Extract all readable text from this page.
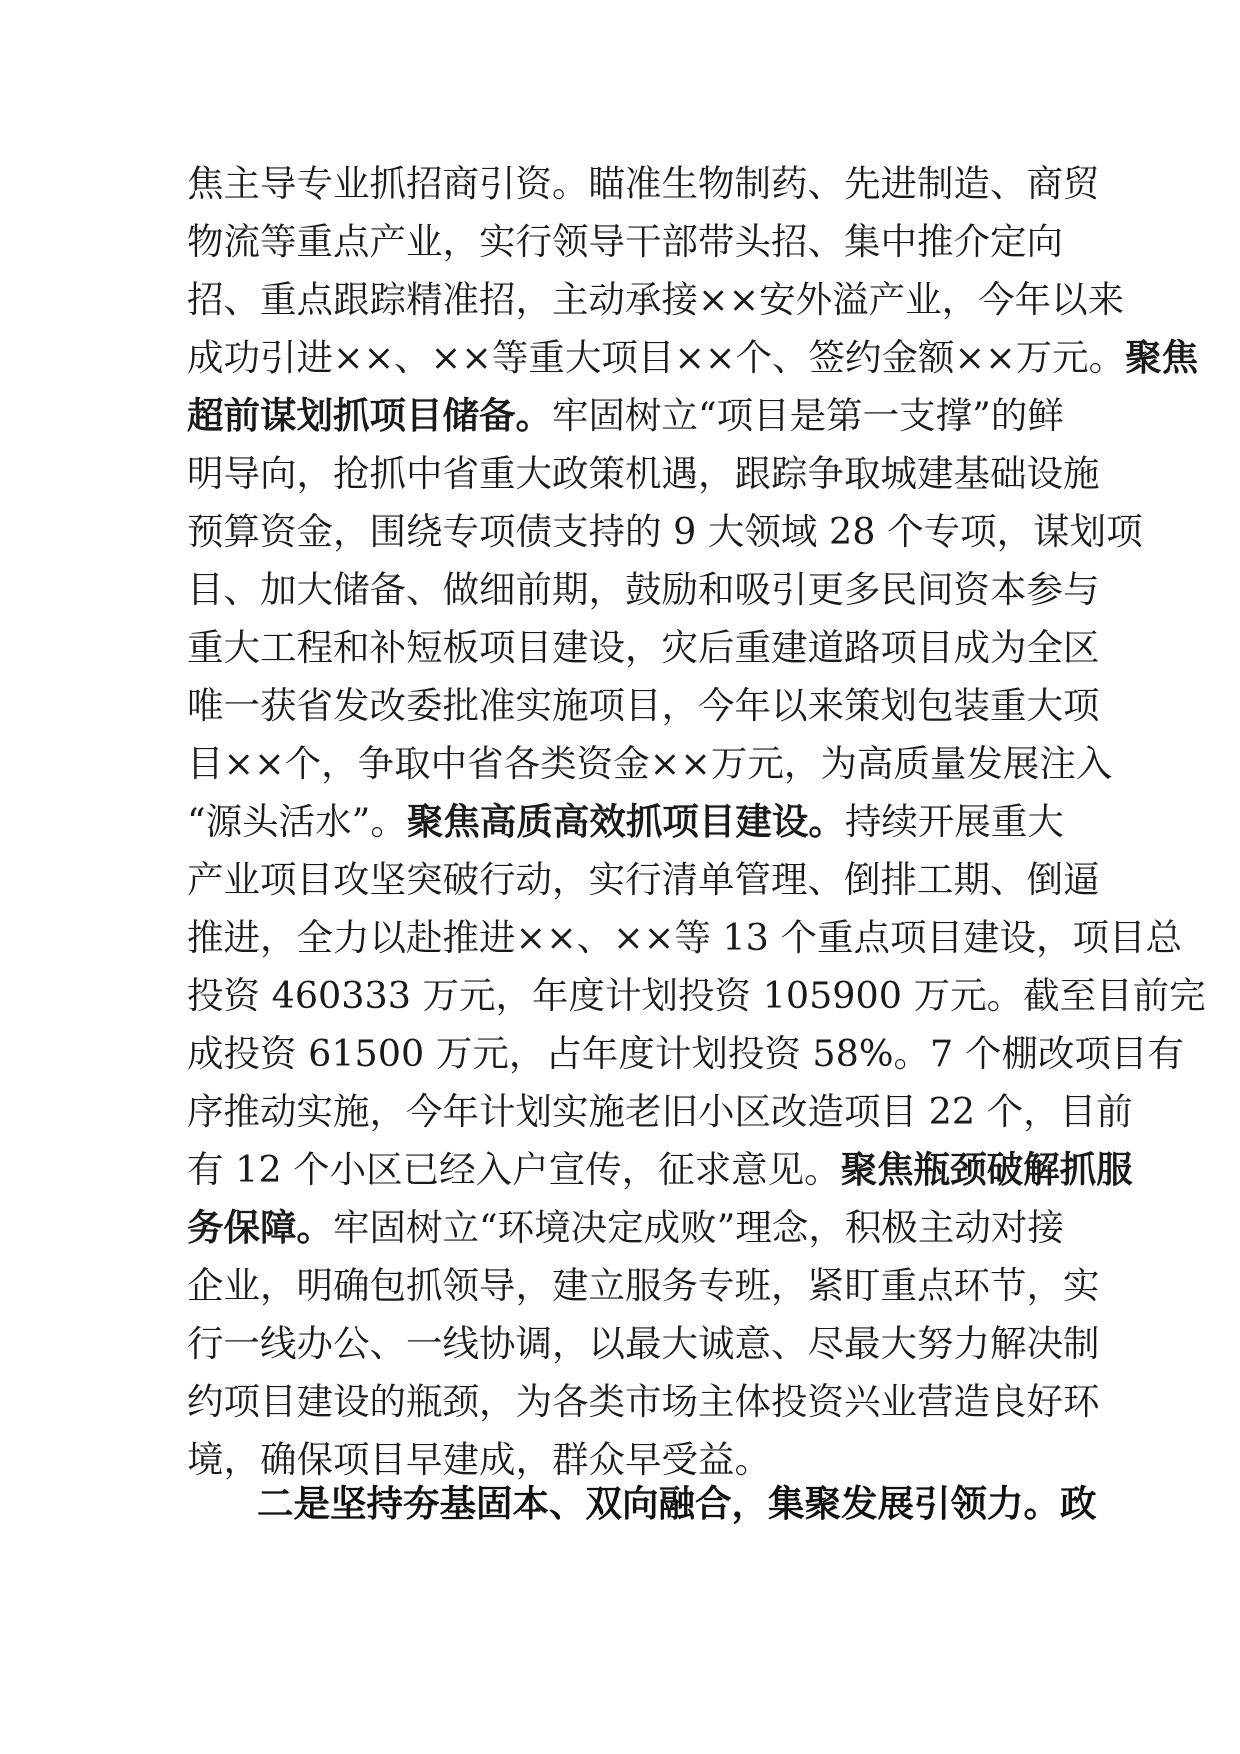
焦主导专业抓招商引资。瞄准生物制药、先进制造、商贸
物流等重点产业，实行领导干部带头招、集中推介定向
招、重点跟踪精准招，主动承接××安外溢产业，今年以来
成功引进××、××等重大项目××个、签约金额××万元。聚焦
超前谋划抓项目储备。牢固树立“项目是第一支撑”的鲜
明导向，抢抓中省重大政策机遇，跟踪争取城建基础设施
预算资金，围绕专项债支持的 9 大领域 28 个专项，谋划项
目、加大储备、做细前期，鼓励和吸引更多民间资本参与
重大工程和补短板项目建设，灾后重建道路项目成为全区
唯一获省发改委批准实施项目，今年以来策划包装重大项
目××个，争取中省各类资金××万元，为高质量发展注入
“源头活水”。聚焦高质高效抓项目建设。持续开展重大
产业项目攻坚突破行动，实行清单管理、倒排工期、倒逼
推进，全力以赴推进××、××等 13 个重点项目建设，项目总
投资 460333 万元，年度计划投资 105900 万元。截至目前完
成投资 61500 万元，占年度计划投资 58%。7 个棚改项目有
序推动实施，今年计划实施老旧小区改造项目 22 个，目前
有 12 个小区已经入户宣传，征求意见。聚焦瓶颈破解抓服
务保障。牢固树立“环境决定成败”理念，积极主动对接
企业，明确包抓领导，建立服务专班，紧盯重点环节，实
行一线办公、一线协调，以最大诚意、尽最大努力解决制
约项目建设的瓶颈，为各类市场主体投资兴业营造良好环
境，确保项目早建成，群众早受益。
二是坚持夯基固本、双向融合，集聚发展引领力。政
